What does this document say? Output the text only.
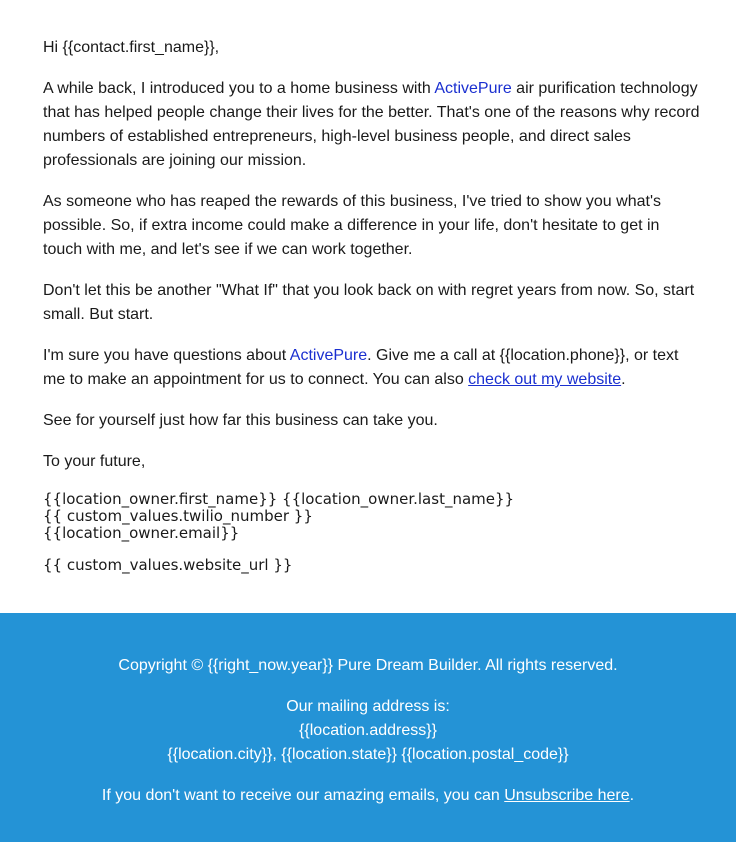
Hi {{contact.first_name}},

A while back, I introduced you to a home business with ActivePure air purification technology that has helped people change their lives for the better. That's one of the reasons why record numbers of established entrepreneurs, high-level business people, and direct sales professionals are joining our mission.

As someone who has reaped the rewards of this business, I've tried to show you what's possible. So, if extra income could make a difference in your life, don't hesitate to get in touch with me, and let's see if we can work together.

Don't let this be another "What If" that you look back on with regret years from now. So, start small. But start.

I'm sure you have questions about ActivePure. Give me a call at {{location.phone}}, or text me to make an appointment for us to connect. You can also check out my website.

See for yourself just how far this business can take you.

To your future,

{{location_owner.first_name}} {{location_owner.last_name}}
{{ custom_values.twilio_number }}
{{location_owner.email}}
{{ custom_values.website_url }}
Copyright © {{right_now.year}} Pure Dream Builder. All rights reserved.
Our mailing address is:
{{location.address}}
{{location.city}}, {{location.state}} {{location.postal_code}}
If you don't want to receive our amazing emails, you can Unsubscribe here.
